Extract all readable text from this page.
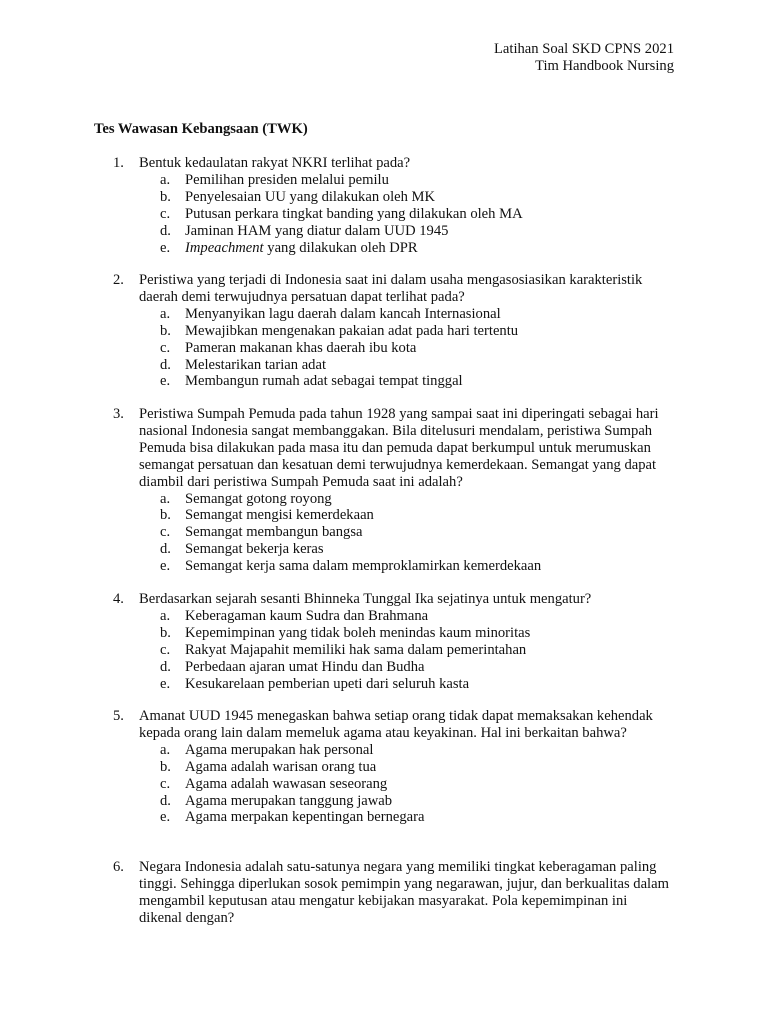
Latihan Soal SKD CPNS 2021
Tim Handbook Nursing
Tes Wawasan Kebangsaan (TWK)
1. Bentuk kedaulatan rakyat NKRI terlihat pada?
a. Pemilihan presiden melalui pemilu
b. Penyelesaian UU yang dilakukan oleh MK
c. Putusan perkara tingkat banding yang dilakukan oleh MA
d. Jaminan HAM yang diatur dalam UUD 1945
e. Impeachment yang dilakukan oleh DPR
2. Peristiwa yang terjadi di Indonesia saat ini dalam usaha mengasosiasikan karakteristik daerah demi terwujudnya persatuan dapat terlihat pada?
a. Menyanyikan lagu daerah dalam kancah Internasional
b. Mewajibkan mengenakan pakaian adat pada hari tertentu
c. Pameran makanan khas daerah ibu kota
d. Melestarikan tarian adat
e. Membangun rumah adat sebagai tempat tinggal
3. Peristiwa Sumpah Pemuda pada tahun 1928 yang sampai saat ini diperingati sebagai hari nasional Indonesia sangat membanggakan. Bila ditelusuri mendalam, peristiwa Sumpah Pemuda bisa dilakukan pada masa itu dan pemuda dapat berkumpul untuk merumuskan semangat persatuan dan kesatuan demi terwujudnya kemerdekaan. Semangat yang dapat diambil dari peristiwa Sumpah Pemuda saat ini adalah?
a. Semangat gotong royong
b. Semangat mengisi kemerdekaan
c. Semangat membangun bangsa
d. Semangat bekerja keras
e. Semangat kerja sama dalam memproklamirkan kemerdekaan
4. Berdasarkan sejarah sesanti Bhinneka Tunggal Ika sejatinya untuk mengatur?
a. Keberagaman kaum Sudra dan Brahmana
b. Kepemimpinan yang tidak boleh menindas kaum minoritas
c. Rakyat Majapahit memiliki hak sama dalam pemerintahan
d. Perbedaan ajaran umat Hindu dan Budha
e. Kesukarelaan pemberian upeti dari seluruh kasta
5. Amanat UUD 1945 menegaskan bahwa setiap orang tidak dapat memaksakan kehendak kepada orang lain dalam memeluk agama atau keyakinan. Hal ini berkaitan bahwa?
a. Agama merupakan hak personal
b. Agama adalah warisan orang tua
c. Agama adalah wawasan seseorang
d. Agama merupakan tanggung jawab
e. Agama merpakan kepentingan bernegara
6. Negara Indonesia adalah satu-satunya negara yang memiliki tingkat keberagaman paling tinggi. Sehingga diperlukan sosok pemimpin yang negarawan, jujur, dan berkualitas dalam mengambil keputusan atau mengatur kebijakan masyarakat. Pola kepemimpinan ini dikenal dengan?
